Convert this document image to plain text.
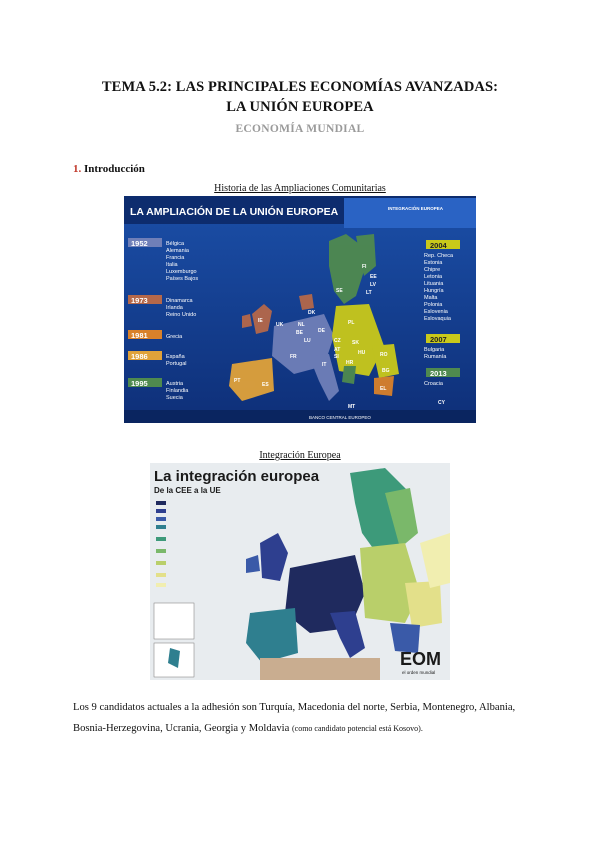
TEMA 5.2: LAS PRINCIPALES ECONOMÍAS AVANZADAS:
LA UNIÓN EUROPEA
ECONOMÍA MUNDIAL
1. Introducción
Historia de las Ampliaciones Comunitarias
LA AMPLIACIÓN DE LA UNIÓN EUROPEA	INTEGRACIÓN EUROPEA
BANCO CENTRAL EUROPEO
1952	Bélgica
Alemania
Francia
Italia
Luxemburgo
Países Bajos
1973	Dinamarca
Irlanda
Reino Unido
1981	Grecia
1986	España
Portugal
1995	Austria
Finlandia
Suecia
2004
Rep. Checa
Estonia
Chipre
Letonia
Lituania
Hungría
Malta
Polonia
Eslovenia
Eslovaquia
2007
Bulgaria
Rumanía
2013
Croacia
FI
SE
EE
LV
LT
IE
UK
DK
NL
BE
LU
DE
PL
CZ SK
AT
SI
HR
HU	RO
BG
FR
IT
ES
PT
EL
MT
CY
Integración Europea
La integración europea
De la CEE a la UE
EOM
el orden mundial
Los 9 candidatos actuales a la adhesión son Turquía, Macedonia del norte, Serbia, Montenegro, Albania, Bosnia-Herzegovina, Ucrania, Georgia y Moldavia (como candidato potencial está Kosovo).
